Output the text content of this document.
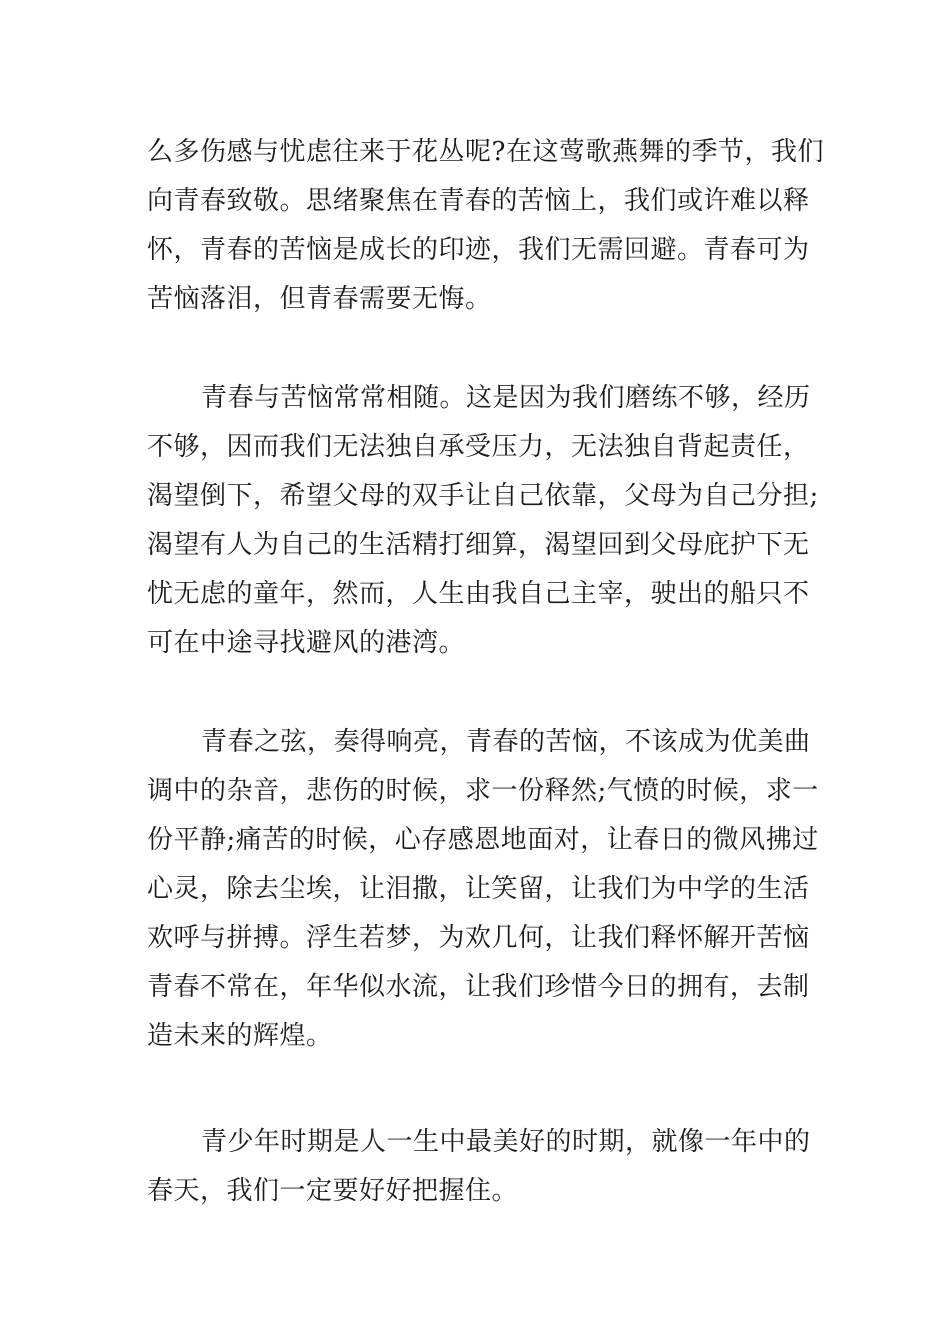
么多伤感与忧虑往来于花丛呢?在这莺歌燕舞的季节，我们
向青春致敬。思绪聚焦在青春的苦恼上，我们或许难以释
怀，青春的苦恼是成长的印迹，我们无需回避。青春可为
苦恼落泪，但青春需要无悔。
青春与苦恼常常相随。这是因为我们磨练不够，经历
不够，因而我们无法独自承受压力，无法独自背起责任，
渴望倒下，希望父母的双手让自己依靠，父母为自己分担;
渴望有人为自己的生活精打细算，渴望回到父母庇护下无
忧无虑的童年，然而，人生由我自己主宰，驶出的船只不
可在中途寻找避风的港湾。
青春之弦，奏得响亮，青春的苦恼，不该成为优美曲
调中的杂音，悲伤的时候，求一份释然;气愤的时候，求一
份平静;痛苦的时候，心存感恩地面对，让春日的微风拂过
心灵，除去尘埃，让泪撒，让笑留，让我们为中学的生活
欢呼与拼搏。浮生若梦，为欢几何，让我们释怀解开苦恼
青春不常在，年华似水流，让我们珍惜今日的拥有，去制
造未来的辉煌。
青少年时期是人一生中最美好的时期，就像一年中的
春天，我们一定要好好把握住。
